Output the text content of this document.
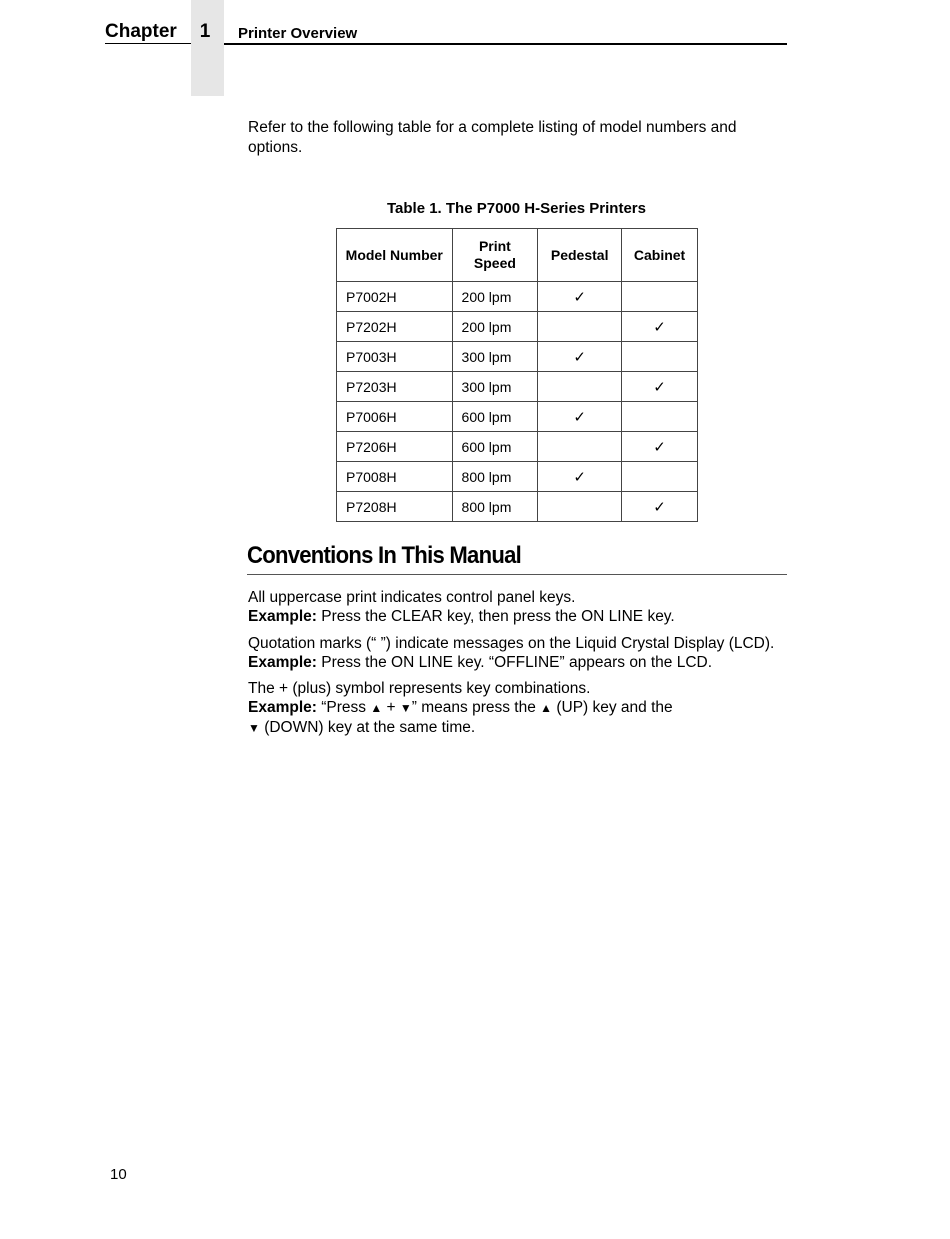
Chapter	1	Printer Overview
Refer to the following table for a complete listing of model numbers and options.
Table 1. The P7000 H-Series Printers
Model Number	Print Speed	Pedestal	Cabinet
P7002H	200 lpm	✓	
P7202H	200 lpm		✓
P7003H	300 lpm	✓	
P7203H	300 lpm		✓
P7006H	600 lpm	✓	
P7206H	600 lpm		✓
P7008H	800 lpm	✓	
P7208H	800 lpm		✓
Conventions In This Manual
All uppercase print indicates control panel keys.
Example: Press the CLEAR key, then press the ON LINE key.
Quotation marks (“ ”) indicate messages on the Liquid Crystal Display (LCD).
Example: Press the ON LINE key. “OFFLINE” appears on the LCD.
The + (plus) symbol represents key combinations.
Example: “Press ▲ + ▼” means press the ▲ (UP) key and the
▼ (DOWN) key at the same time.
10
